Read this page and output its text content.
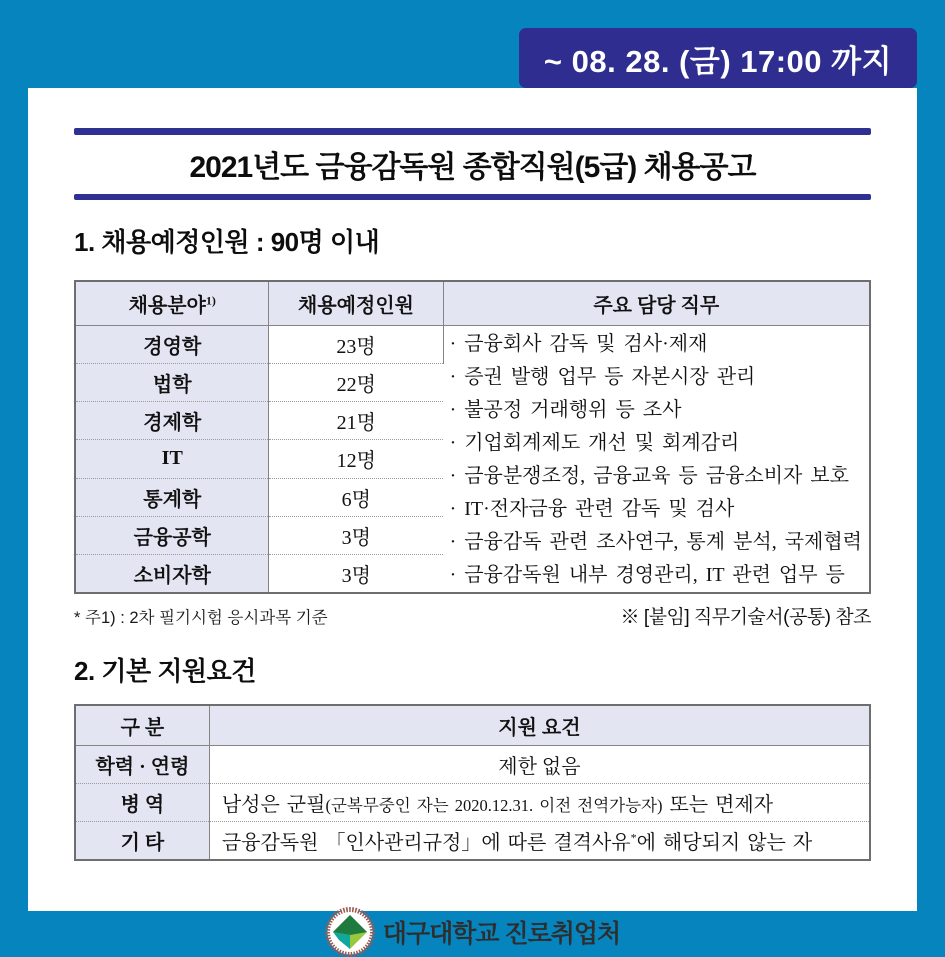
~ 08. 28. (금) 17:00 까지
2021년도 금융감독원 종합직원(5급) 채용공고
1. 채용예정인원 : 90명 이내
채용분야$^{1)}$	채용예정인원	주요 담당 직무
경영학	23명	· 금융회사 감독 및 검사·제재
· 증권 발행 업무 등 자본시장 관리
· 불공정 거래행위 등 조사
· 기업회계제도 개선 및 회계감리
· 금융분쟁조정, 금융교육 등 금융소비자 보호
· IT·전자금융 관련 감독 및 검사
· 금융감독 관련 조사연구, 통계 분석, 국제협력
· 금융감독원 내부 경영관리, IT 관련 업무 등

법학	22명	
경제학	21명	
IT	12명	
통계학	6명	
금융공학	3명	
소비자학	3명	
* 주1) : 2차 필기시험 응시과목 기준	※ [붙임] 직무기술서(공통) 참조
2. 기본 지원요건
구 분	지원 요건
학력 · 연령	제한 없음
병 역	남성은 군필(군복무중인 자는 2020.12.31. 이전 전역가능자) 또는 면제자
기 타	금융감독원 「인사관리규정」에 따른 결격사유*에 해당되지 않는 자
대구대학교 진로취업처
